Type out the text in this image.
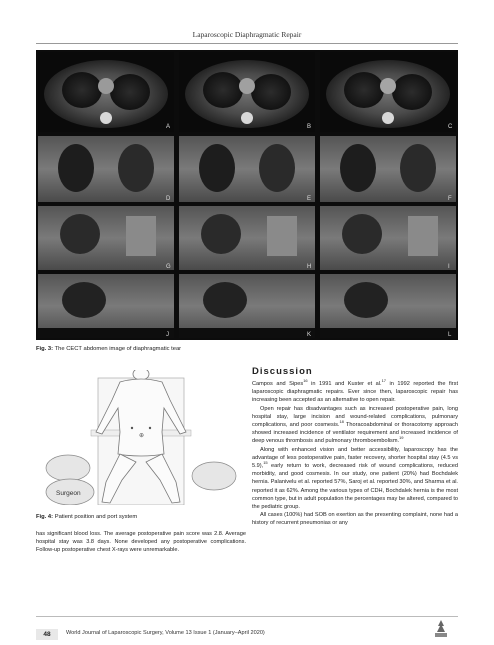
Laparoscopic Diaphragmatic Repair
A	B	C
D	E	F
G	H	I
J	K	L
Fig. 3: The CECT abdomen image of diaphragmatic tear
⊕
Surgeon
Fig. 4: Patient position and port system

has significant blood loss. The average postoperative pain score was 2.8. Average hospital stay was 3.8 days. None developed any postoperative complications. Follow-up postoperative chest X-rays were unremarkable.

Discussion

Campos and Sipes$^{16}$ in 1991 and Kuster et al.$^{17}$ in 1992 reported the first laparoscopic diaphragmatic repairs. Ever since then, laparoscopic repair has increasing been accepted as an alternative to open repair.

Open repair has disadvantages such as increased postoperative pain, long hospital stay, large incision and wound-related complications, pulmonary complications, and poor cosmesis.$^{18}$ Thoracoabdominal or thoracotomy approach showed increased incidence of ventilator requirement and increased incidence of deep venous thrombosis and pulmonary thromboembolism.$^{19}$

Along with enhanced vision and better accessibility, laparoscopy has the advantage of less postoperative pain, faster recovery, shorter hospital stay (4.5 vs 5.9),$^{15}$ early return to work, decreased risk of wound complications, reduced morbidity, and good cosmesis. In our study, one patient (20%) had Bochdalek hernia. Palanivelu et al. reported 57%, Saroj et al. reported 30%, and Sharma et al. reported it as 62%. Among the various types of CDH, Bochdalek hernia is the most common type, but in adult population the percentages may be altered, compared to the pediatric group.

All cases (100%) had SOB on exertion as the presenting complaint, none had a history of recurrent pneumonias or any

48	World Journal of Laparoscopic Surgery, Volume 13 Issue 1 (January–April 2020)
